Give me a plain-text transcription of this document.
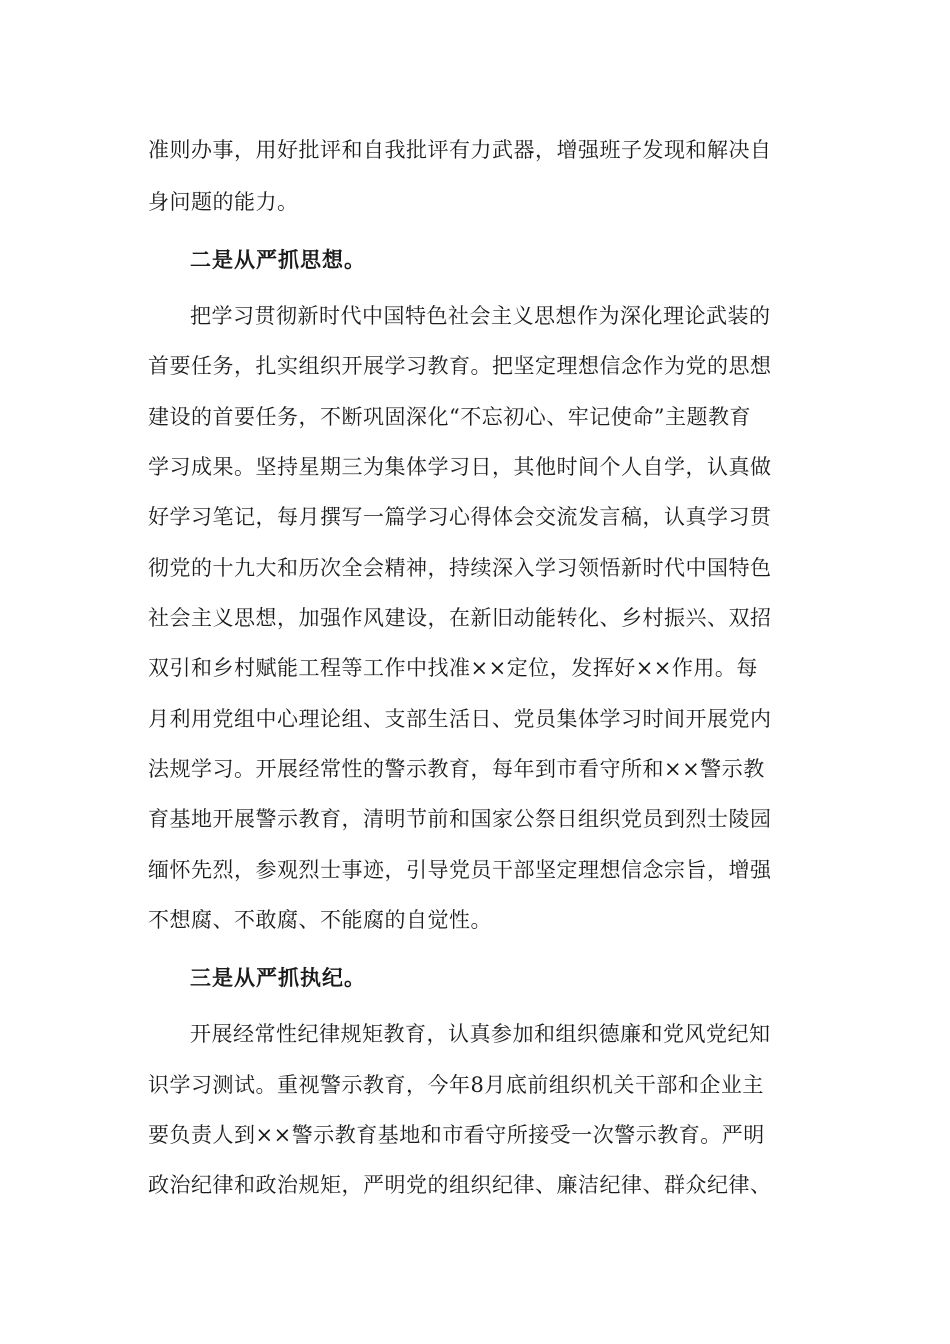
准则办事，用好批评和自我批评有力武器，增强班子发现和解决自
身问题的能力。
二是从严抓思想。
把学习贯彻新时代中国特色社会主义思想作为深化理论武装的
首要任务，扎实组织开展学习教育。把坚定理想信念作为党的思想
建设的首要任务，不断巩固深化“不忘初心、牢记使命”主题教育
学习成果。坚持星期三为集体学习日，其他时间个人自学，认真做
好学习笔记，每月撰写一篇学习心得体会交流发言稿，认真学习贯
彻党的十九大和历次全会精神，持续深入学习领悟新时代中国特色
社会主义思想，加强作风建设，在新旧动能转化、乡村振兴、双招
双引和乡村赋能工程等工作中找准××定位，发挥好××作用。每
月利用党组中心理论组、支部生活日、党员集体学习时间开展党内
法规学习。开展经常性的警示教育，每年到市看守所和××警示教
育基地开展警示教育，清明节前和国家公祭日组织党员到烈士陵园
缅怀先烈，参观烈士事迹，引导党员干部坚定理想信念宗旨，增强
不想腐、不敢腐、不能腐的自觉性。
三是从严抓执纪。
开展经常性纪律规矩教育，认真参加和组织德廉和党风党纪知
识学习测试。重视警示教育，今年8月底前组织机关干部和企业主
要负责人到××警示教育基地和市看守所接受一次警示教育。严明
政治纪律和政治规矩，严明党的组织纪律、廉洁纪律、群众纪律、
